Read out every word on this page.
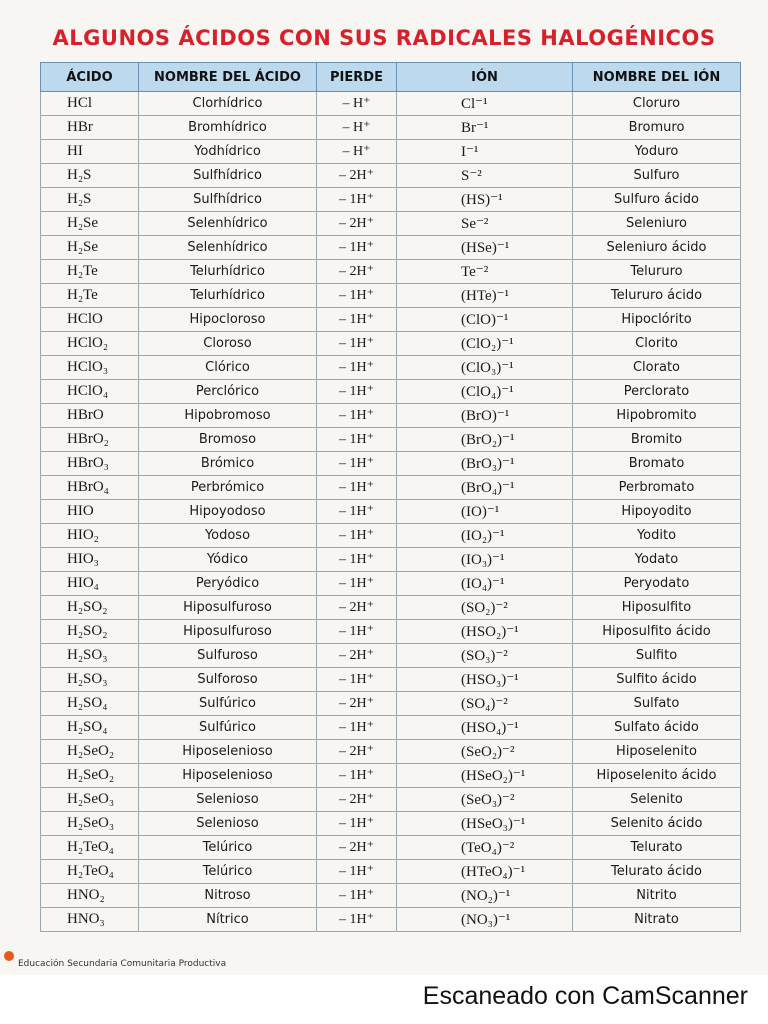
ALGUNOS ÁCIDOS CON SUS RADICALES HALOGÉNICOS
ÁCIDO	NOMBRE DEL ÁCIDO	PIERDE	IÓN	NOMBRE DEL IÓN
HCl	Clorhídrico	– H⁺	Cl⁻¹	Cloruro
HBr	Bromhídrico	– H⁺	Br⁻¹	Bromuro
HI	Yodhídrico	– H⁺	I⁻¹	Yoduro
H₂S	Sulfhídrico	– 2H⁺	S⁻²	Sulfuro
H₂S	Sulfhídrico	– 1H⁺	(HS)⁻¹	Sulfuro ácido
H₂Se	Selenhídrico	– 2H⁺	Se⁻²	Seleniuro
H₂Se	Selenhídrico	– 1H⁺	(HSe)⁻¹	Seleniuro ácido
H₂Te	Telurhídrico	– 2H⁺	Te⁻²	Telururo
H₂Te	Telurhídrico	– 1H⁺	(HTe)⁻¹	Telururo ácido
HClO	Hipocloroso	– 1H⁺	(ClO)⁻¹	Hipoclórito
HClO₂	Cloroso	– 1H⁺	(ClO₂)⁻¹	Clorito
HClO₃	Clórico	– 1H⁺	(ClO₃)⁻¹	Clorato
HClO₄	Perclórico	– 1H⁺	(ClO₄)⁻¹	Perclorato
HBrO	Hipobromoso	– 1H⁺	(BrO)⁻¹	Hipobromito
HBrO₂	Bromoso	– 1H⁺	(BrO₂)⁻¹	Bromito
HBrO₃	Brómico	– 1H⁺	(BrO₃)⁻¹	Bromato
HBrO₄	Perbrómico	– 1H⁺	(BrO₄)⁻¹	Perbromato
HIO	Hipoyodoso	– 1H⁺	(IO)⁻¹	Hipoyodito
HIO₂	Yodoso	– 1H⁺	(IO₂)⁻¹	Yodito
HIO₃	Yódico	– 1H⁺	(IO₃)⁻¹	Yodato
HIO₄	Peryódico	– 1H⁺	(IO₄)⁻¹	Peryodato
H₂SO₂	Hiposulfuroso	– 2H⁺	(SO₂)⁻²	Hiposulfito
H₂SO₂	Hiposulfuroso	– 1H⁺	(HSO₂)⁻¹	Hiposulfito ácido
H₂SO₃	Sulfuroso	– 2H⁺	(SO₃)⁻²	Sulfito
H₂SO₃	Sulforoso	– 1H⁺	(HSO₃)⁻¹	Sulfito ácido
H₂SO₄	Sulfúrico	– 2H⁺	(SO₄)⁻²	Sulfato
H₂SO₄	Sulfúrico	– 1H⁺	(HSO₄)⁻¹	Sulfato ácido
H₂SeO₂	Hiposelenioso	– 2H⁺	(SeO₂)⁻²	Hiposelenito
H₂SeO₂	Hiposelenioso	– 1H⁺	(HSeO₂)⁻¹	Hiposelenito ácido
H₂SeO₃	Selenioso	– 2H⁺	(SeO₃)⁻²	Selenito
H₂SeO₃	Selenioso	– 1H⁺	(HSeO₃)⁻¹	Selenito ácido
H₂TeO₄	Telúrico	– 2H⁺	(TeO₄)⁻²	Telurato
H₂TeO₄	Telúrico	– 1H⁺	(HTeO₄)⁻¹	Telurato ácido
HNO₂	Nitroso	– 1H⁺	(NO₂)⁻¹	Nitrito
HNO₃	Nítrico	– 1H⁺	(NO₃)⁻¹	Nitrato
Educación Secundaria Comunitaria Productiva
Escaneado con CamScanner
